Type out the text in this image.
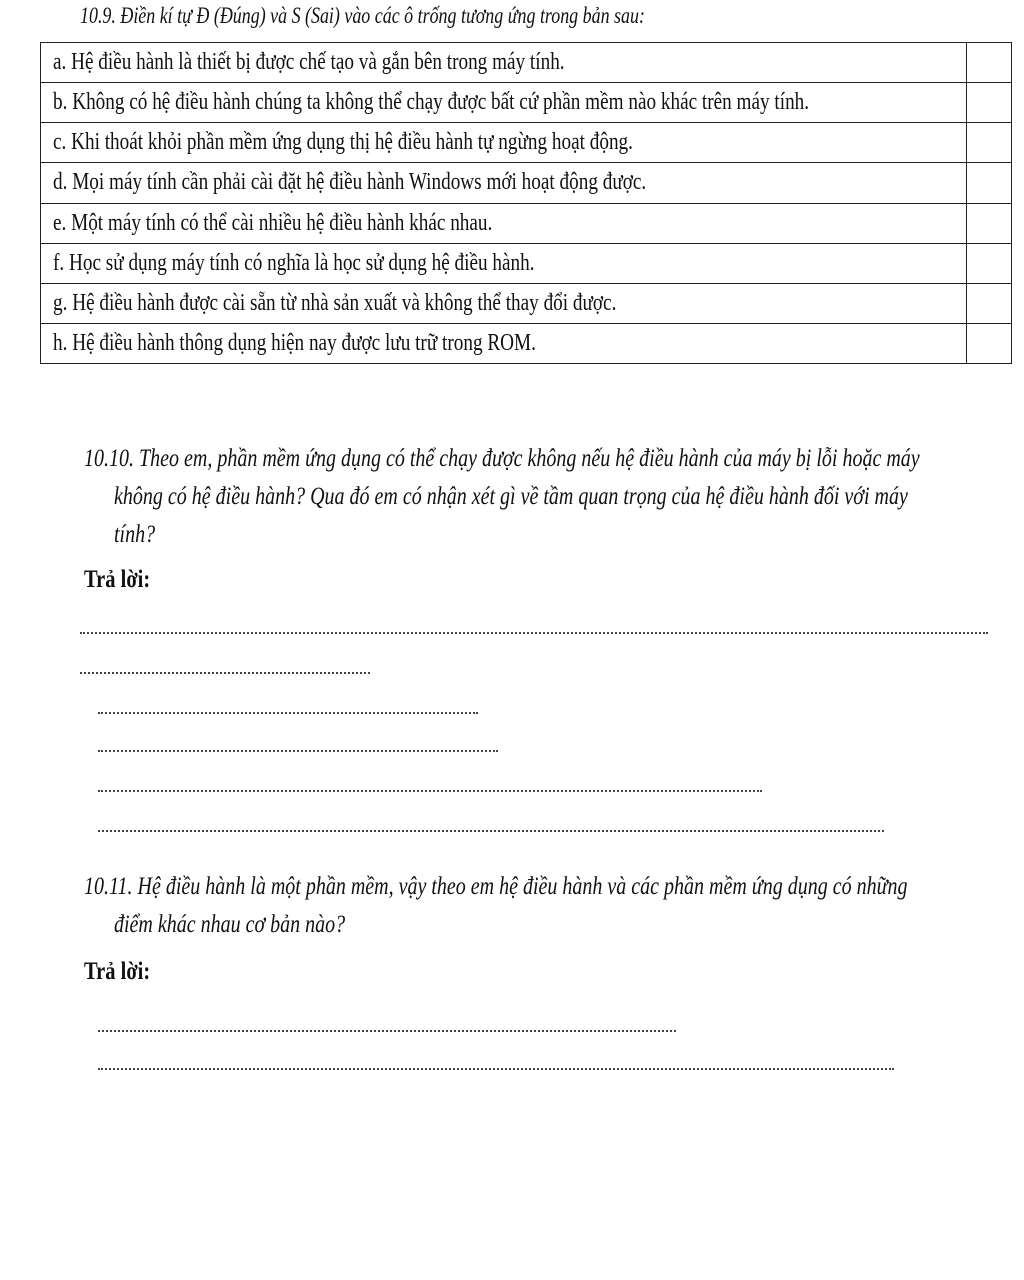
10.9. Điền kí tự Đ (Đúng) và S (Sai) vào các ô trống tương ứng trong bản sau:
a. Hệ điều hành là thiết bị được chế tạo và gắn bên trong máy tính.	
b. Không có hệ điều hành chúng ta không thể chạy được bất cứ phần mềm nào khác trên máy tính.	
c. Khi thoát khỏi phần mềm ứng dụng thị hệ điều hành tự ngừng hoạt động.	
d. Mọi máy tính cần phải cài đặt hệ điều hành Windows mới hoạt động được.	
e. Một máy tính có thể cài nhiều hệ điều hành khác nhau.	
f. Học sử dụng máy tính có nghĩa là học sử dụng hệ điều hành.	
g. Hệ điều hành được cài sẵn từ nhà sản xuất và không thể thay đổi được.	
h. Hệ điều hành thông dụng hiện nay được lưu trữ trong ROM.	
10.10. Theo em, phần mềm ứng dụng có thể chạy được không nếu hệ điều hành của máy bị lỗi hoặc máy
không có hệ điều hành? Qua đó em có nhận xét gì về tầm quan trọng của hệ điều hành đối với máy
tính?
Trả lời:
10.11. Hệ điều hành là một phần mềm, vậy theo em hệ điều hành và các phần mềm ứng dụng có những
điểm khác nhau cơ bản nào?
Trả lời:
